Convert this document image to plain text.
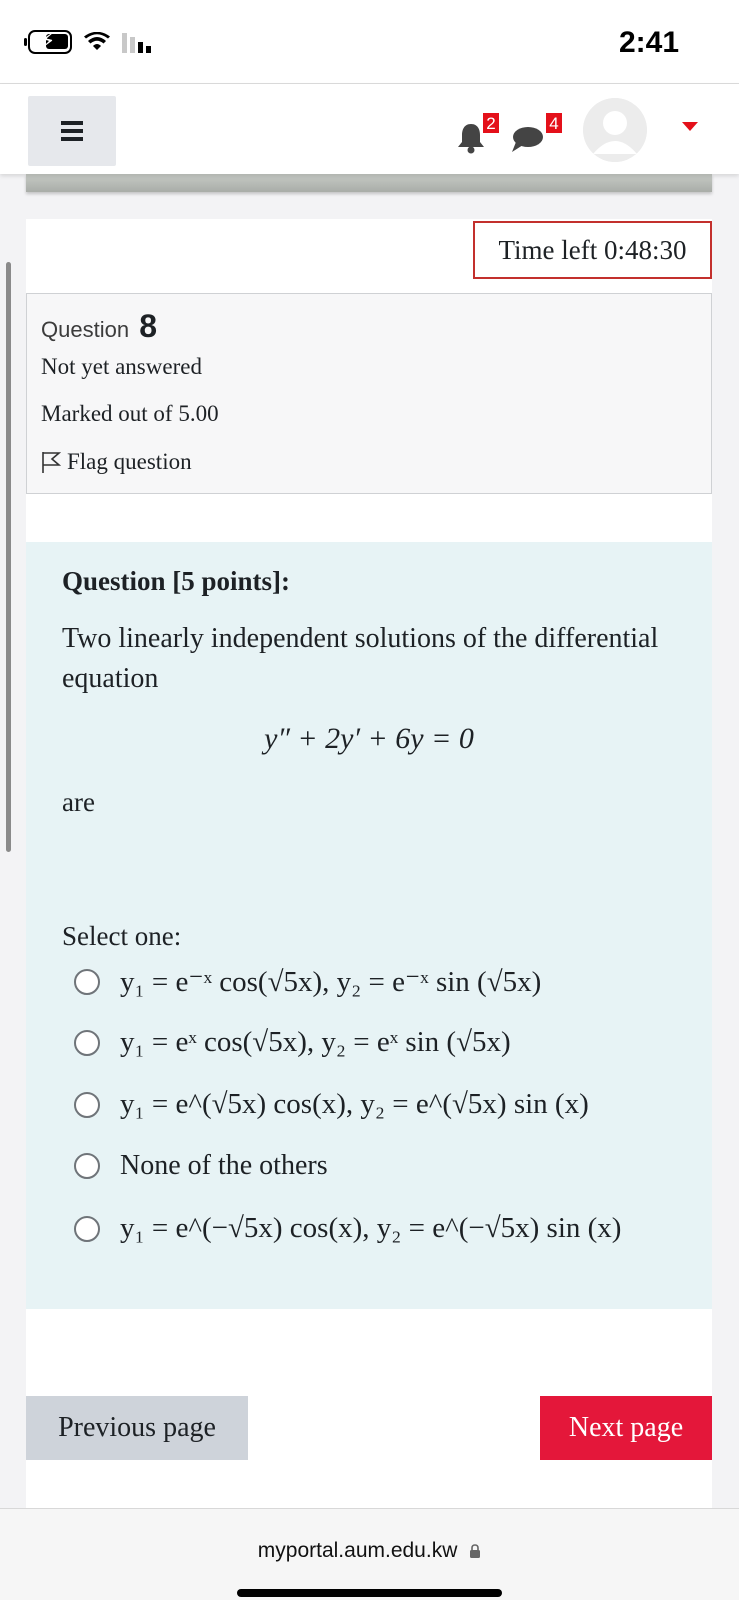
⚡	2:41
2	4
Time left 0:48:30
Question 8
Not yet answered
Marked out of 5.00
Flag question
Question [5 points]:
Two linearly independent solutions of the differential equation
y″ + 2y′ + 6y = 0
are
Select one:
y₁ = e⁻ˣ cos(√5x), y₂ = e⁻ˣ sin (√5x)
y₁ = eˣ cos(√5x), y₂ = eˣ sin (√5x)
y₁ = e^(√5x) cos(x), y₂ = e^(√5x) sin (x)
None of the others
y₁ = e^(−√5x) cos(x), y₂ = e^(−√5x) sin (x)
Previous page	Next page
myportal.aum.edu.kw
